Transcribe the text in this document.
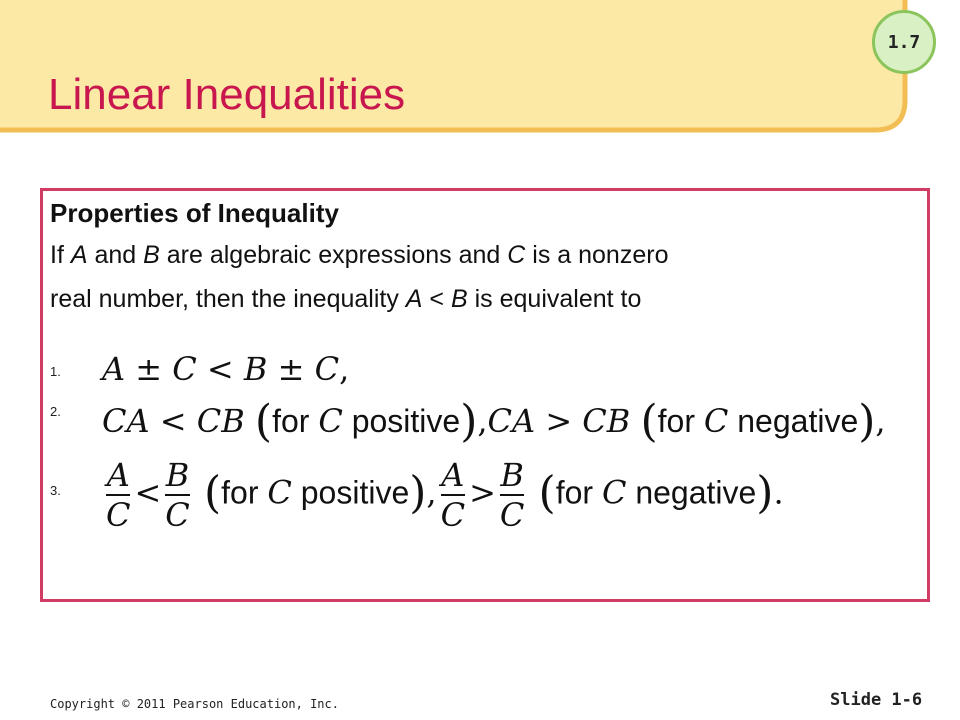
1.7
Linear Inequalities
Properties of Inequality
If A and B are algebraic expressions and C is a nonzero
real number, then the inequality A < B is equivalent to
1. A ± C < B ± C,
2. CA < CB (for C positive),CA > CB (for C negative),
3. $\frac{A}{C} < \frac{B}{C} (for$ C positive), $\frac{A}{C} > \frac{B}{C} (for$ C negative).
Copyright © 2011 Pearson Education, Inc.	Slide 1-6
